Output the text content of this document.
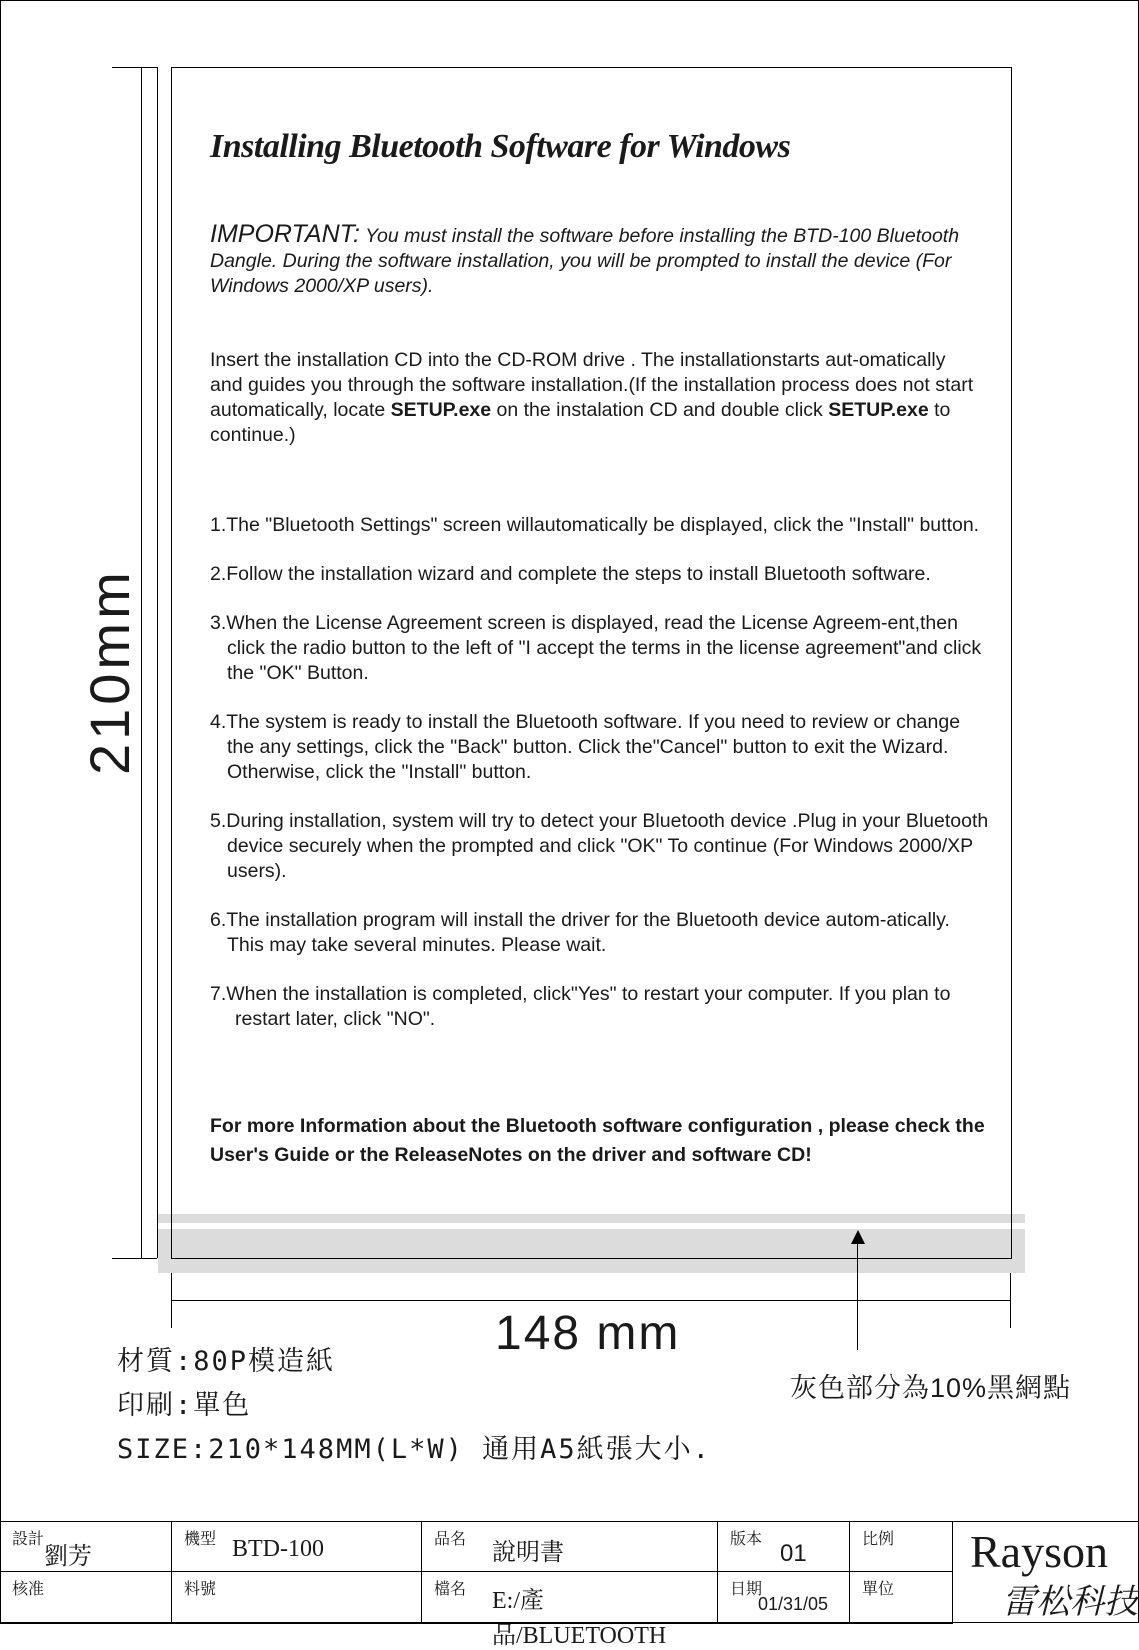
210mm
148 mm
Installing Bluetooth Software for Windows
IMPORTANT: You must install the software before installing the BTD-100 Bluetooth Dangle. During the software installation, you will be prompted to install the device (For Windows 2000/XP users).
Insert the installation CD into the CD-ROM drive . The installationstarts aut-omatically and guides you through the software installation.(If the installation process does not start automatically, locate SETUP.exe on the instalation CD and double click SETUP.exe to continue.)
1.The "Bluetooth Settings" screen willautomatically be displayed, click the "Install" button.
2.Follow the installation wizard and complete the steps to install Bluetooth software.
3.When the License Agreement screen is displayed, read the License Agreem-ent,then click the radio button to the left of "I accept the terms in the license agreement"and click the "OK" Button.
4.The system is ready to install the Bluetooth software. If you need to review or change the any settings, click the "Back" button. Click the"Cancel" button to exit the Wizard. Otherwise, click the "Install" button.
5.During installation, system will try to detect your Bluetooth device .Plug in your Bluetooth device securely when the prompted and click "OK" To continue (For Windows 2000/XP users).
6.The installation program will install the driver for the Bluetooth device autom-atically. This may take several minutes. Please wait.
7.When the installation is completed, click"Yes" to restart your computer. If you plan to restart later, click "NO".
For more Information about the Bluetooth software configuration , please check the User's Guide or the ReleaseNotes on the driver and software CD!
材質:80P模造紙
印刷:單色
SIZE:210*148MM(L*W) 通用A5紙張大小.
灰色部分為10%黑網點
設計
劉芳
核准
機型 BTD-100
料號
品名
說明書
檔名 E:/產品/BLUETOOTH
版本
01
日期
01/31/05
比例
單位
Rayson
雷松科技
